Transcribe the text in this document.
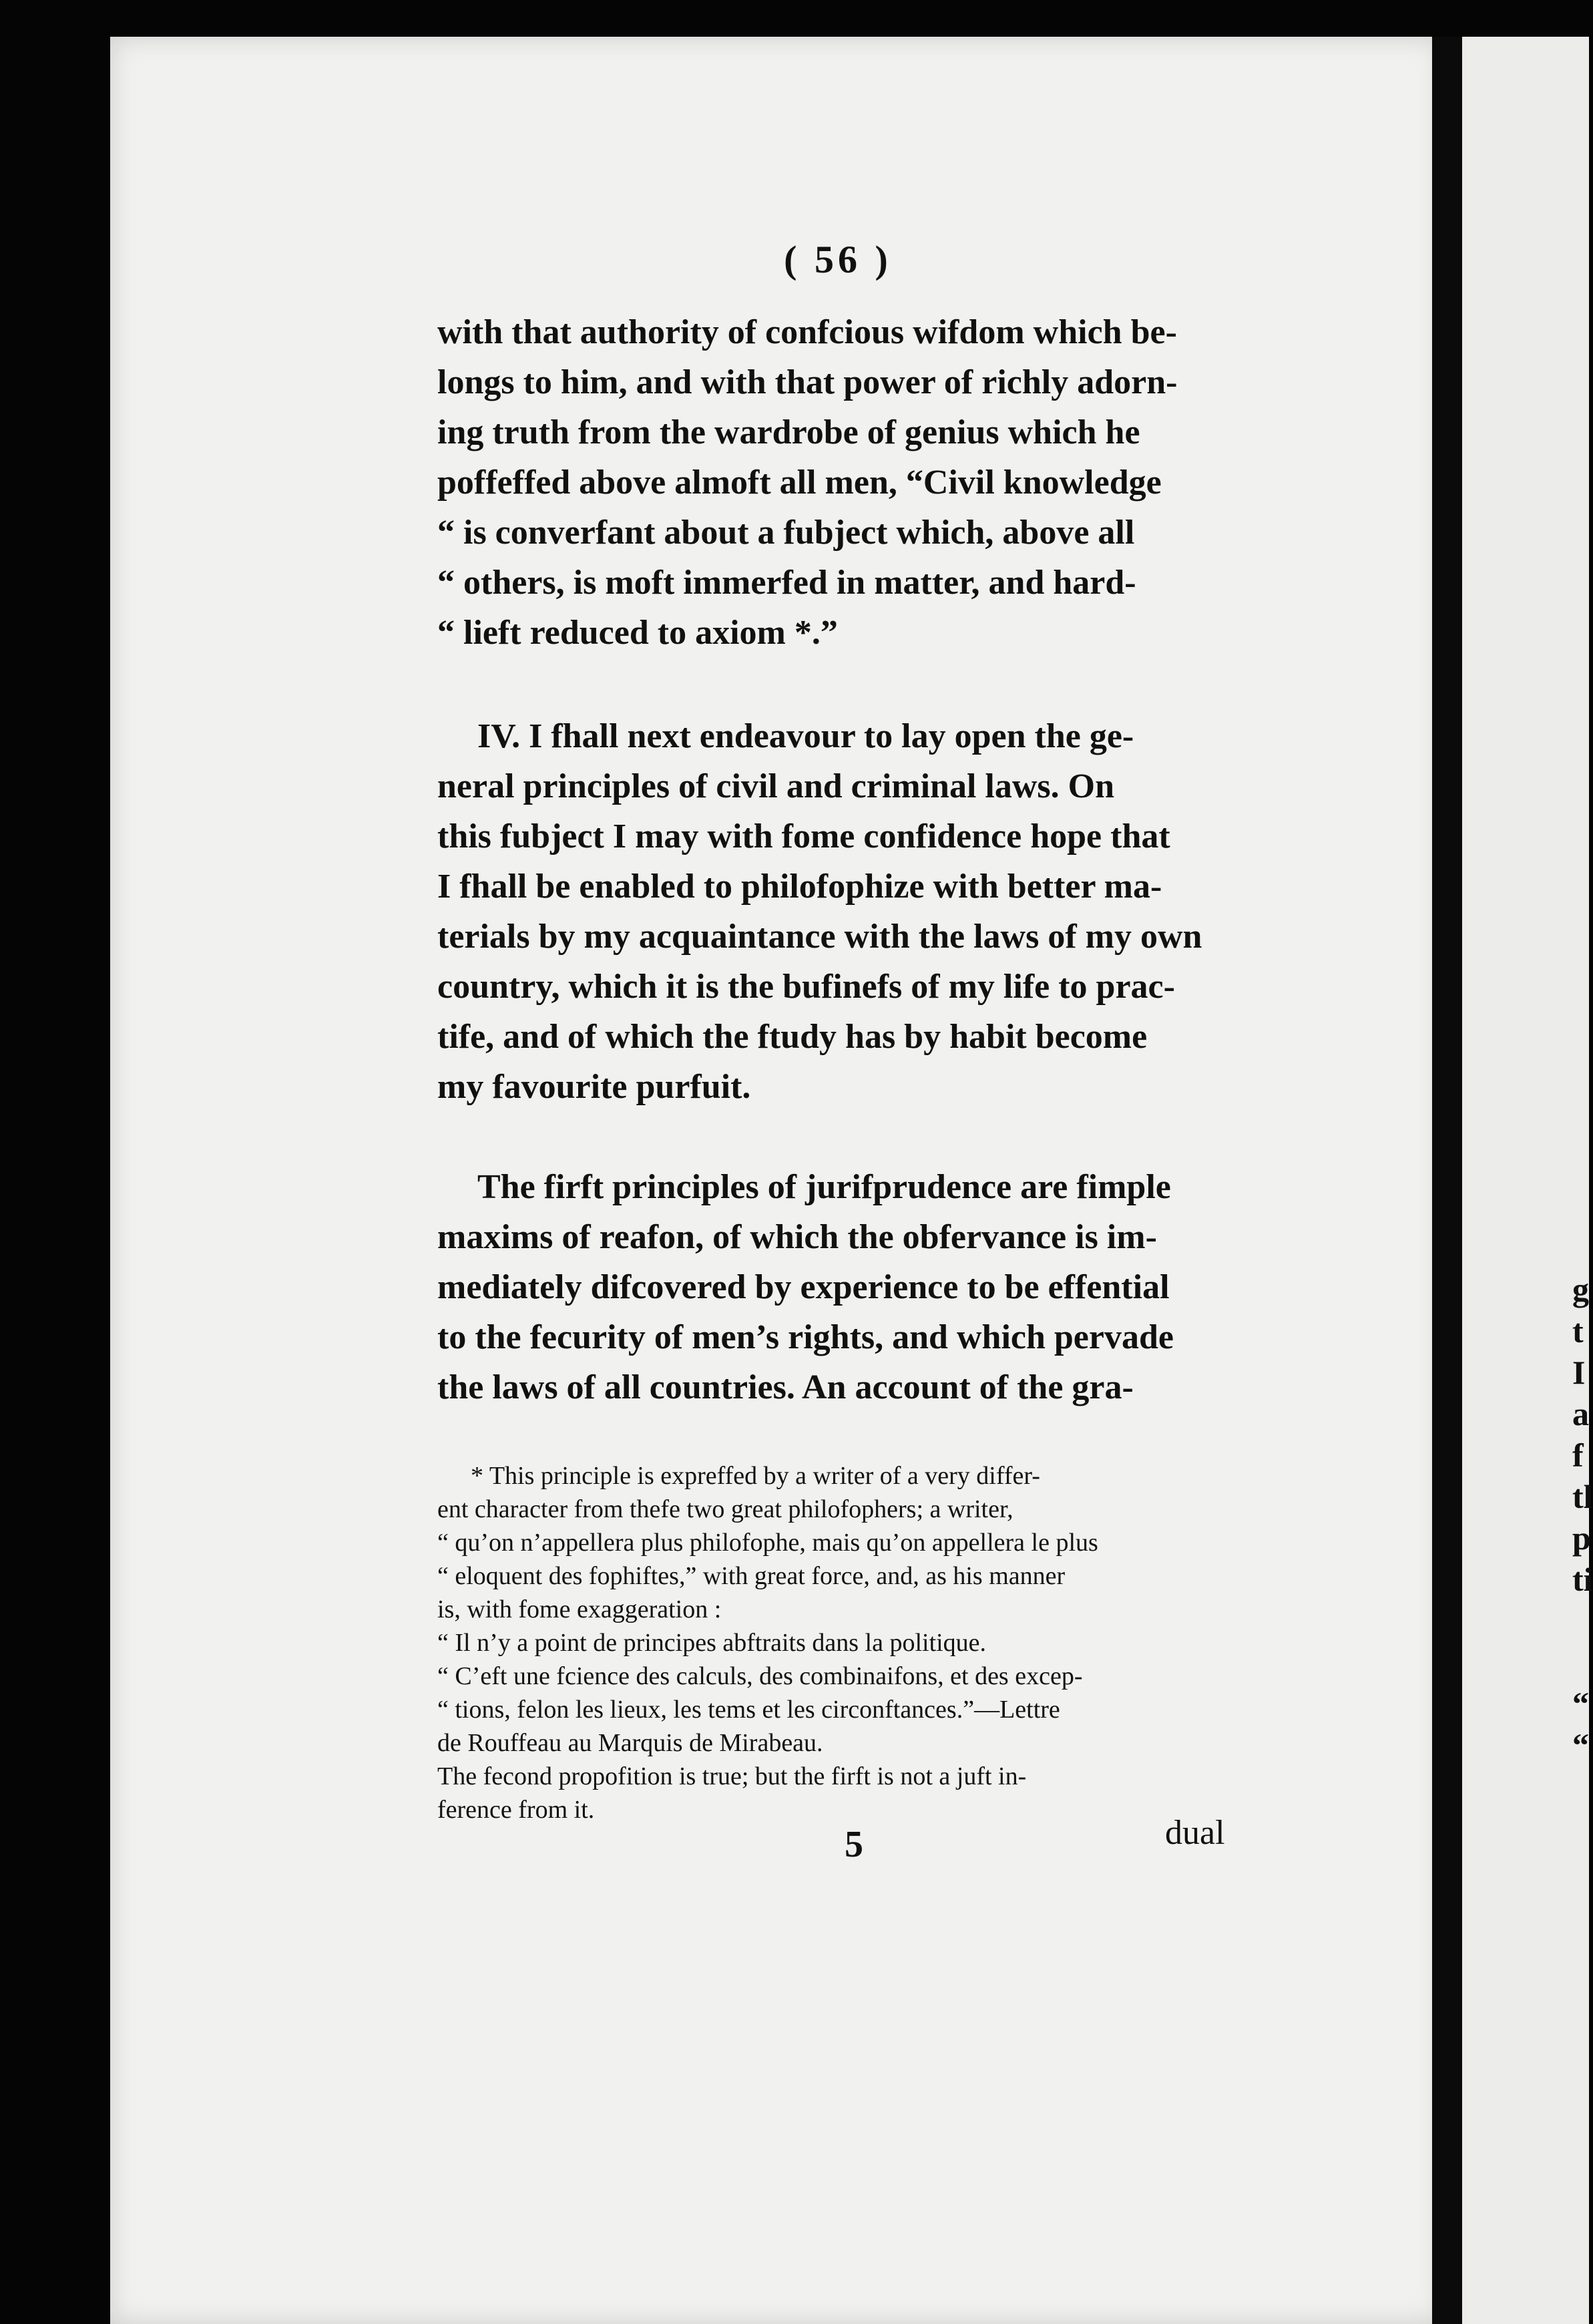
( 56 )

with that authority of confcious wifdom which be-
longs to him, and with that power of richly adorn-
ing truth from the wardrobe of genius which he
poffeffed above almoft all men, “Civil knowledge
“ is converfant about a fubject which, above all
“ others, is moft immerfed in matter, and hard-
“ lieft reduced to axiom *.”

IV. I fhall next endeavour to lay open the ge-
neral principles of civil and criminal laws. On
this fubject I may with fome confidence hope that
I fhall be enabled to philofophize with better ma-
terials by my acquaintance with the laws of my own
country, which it is the bufinefs of my life to prac-
tife, and of which the ftudy has by habit become
my favourite purfuit.

The firft principles of jurifprudence are fimple
maxims of reafon, of which the obfervance is im-
mediately difcovered by experience to be effential
to the fecurity of men’s rights, and which pervade
the laws of all countries. An account of the gra-

* This principle is expreffed by a writer of a very differ-
ent character from thefe two great philofophers; a writer,
“ qu’on n’appellera plus philofophe, mais qu’on appellera le plus
“ eloquent des fophiftes,” with great force, and, as his manner
is, with fome exaggeration :
“ Il n’y a point de principes abftraits dans la politique.
“ C’eft une fcience des calculs, des combinaifons, et des excep-
“ tions, felon les lieux, les tems et les circonftances.”—Lettre
de Rouffeau au Marquis de Mirabeau.
The fecond propofition is true; but the firft is not a juft in-
ference from it.

5	dual
g
t
I
a
f
tl
p
ti

“
“
